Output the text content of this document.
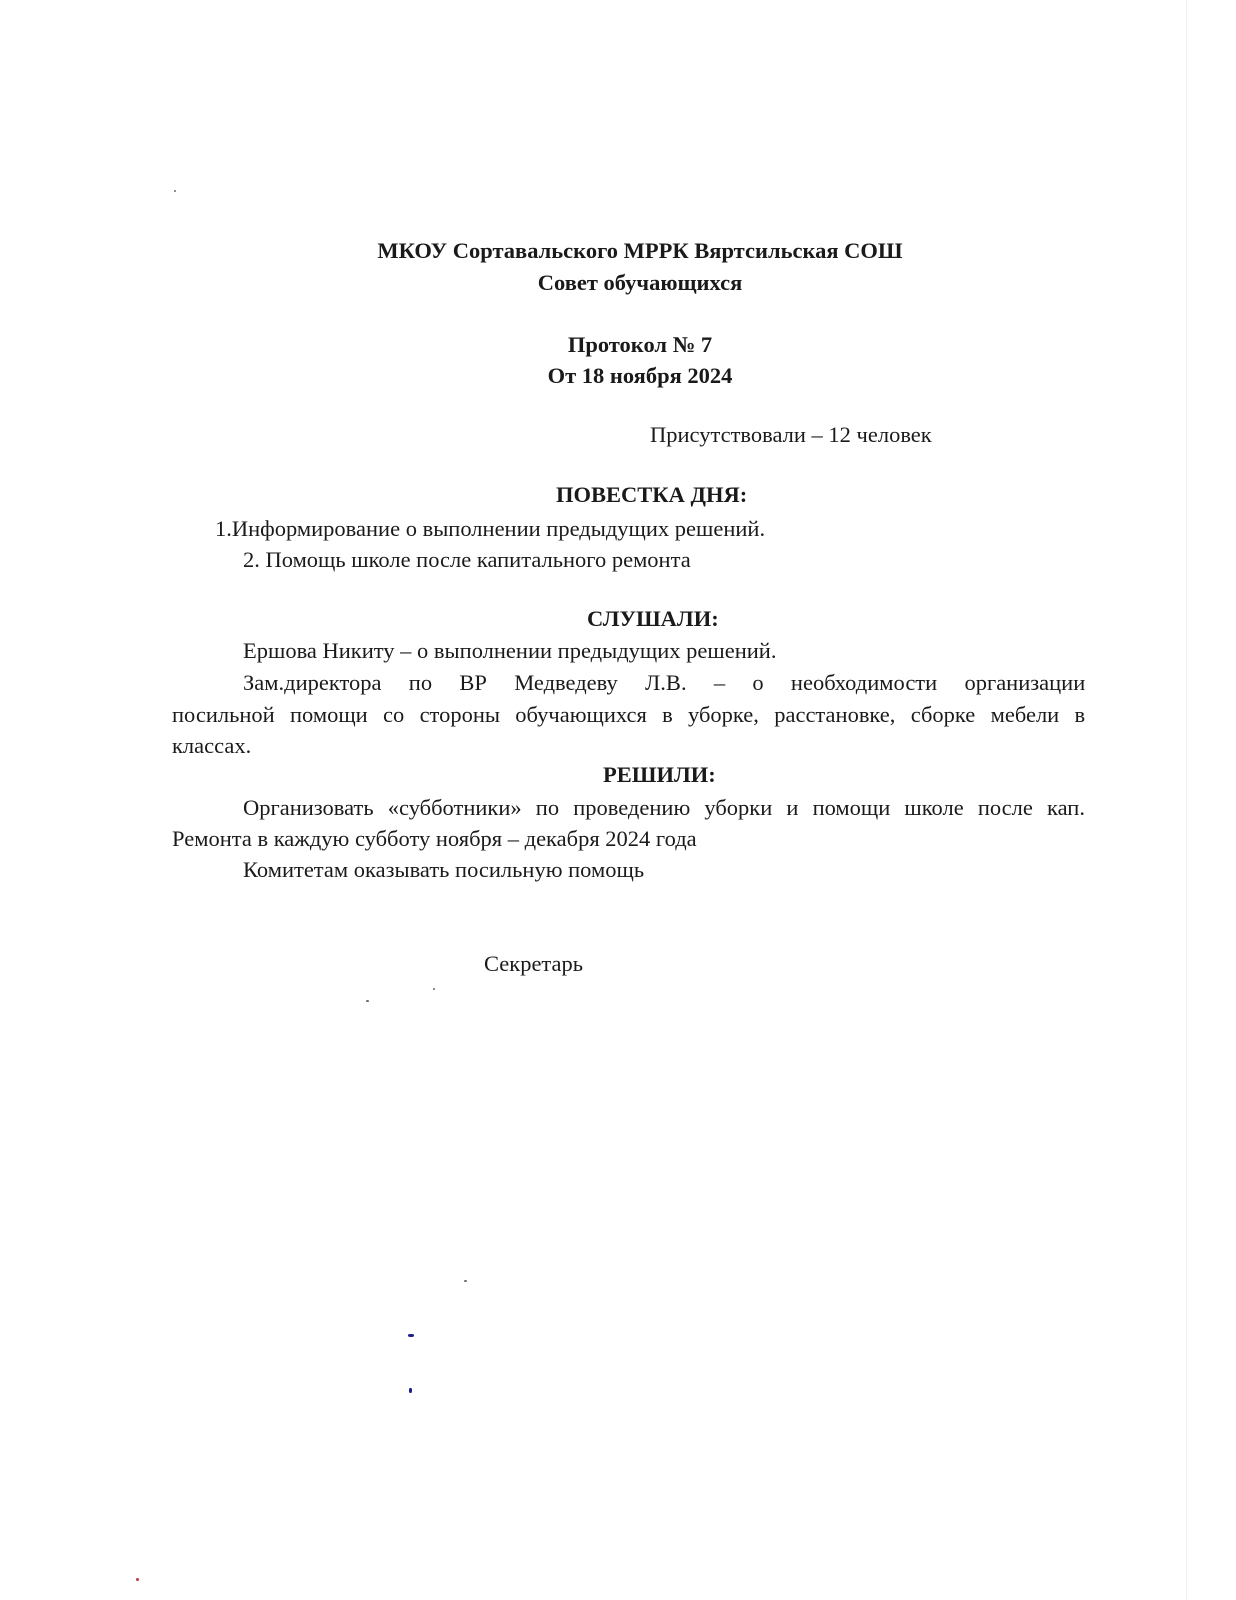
МКОУ Сортавальского МРРК Вяртсильская СОШ
Совет обучающихся
Протокол № 7
От 18 ноября 2024
Присутствовали – 12 человек
ПОВЕСТКА ДНЯ:
1.Информирование о выполнении предыдущих решений.
2. Помощь школе после капитального ремонта
СЛУШАЛИ:
Ершова Никиту – о выполнении предыдущих решений.
Зам.директора по ВР Медведеву Л.В. – о необходимости организации
посильной помощи со стороны обучающихся в уборке, расстановке, сборке мебели в
классах.
РЕШИЛИ:
Организовать «субботники» по проведению уборки и помощи школе после кап.
Ремонта в каждую субботу ноября – декабря 2024 года
Комитетам оказывать посильную помощь
Секретарь
